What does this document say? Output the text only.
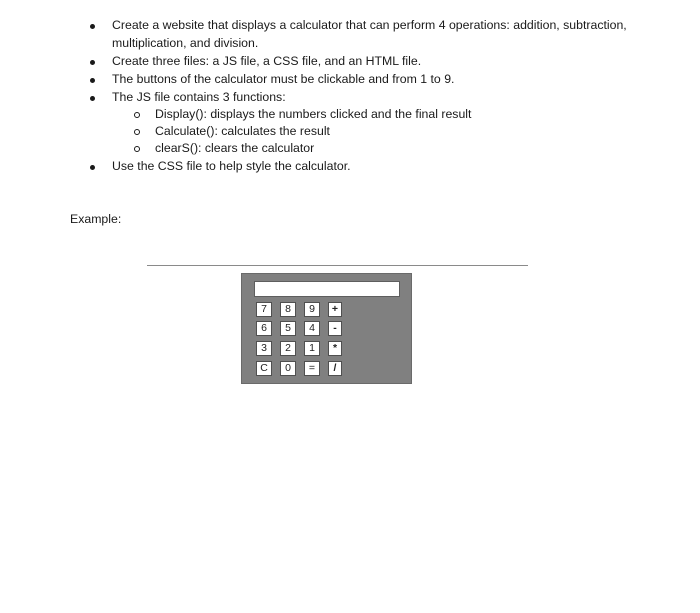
Create a website that displays a calculator that can perform 4 operations: addition, subtraction, multiplication, and division.
Create three files: a JS file, a CSS file, and an HTML file.
The buttons of the calculator must be clickable and from 1 to 9.
The JS file contains 3 functions:
Display(): displays the numbers clicked and the final result
Calculate(): calculates the result
clearS(): clears the calculator
Use the CSS file to help style the calculator.
Example:
7	8	9	+
6	5	4	-
3	2	1	*
C	0	=	/
